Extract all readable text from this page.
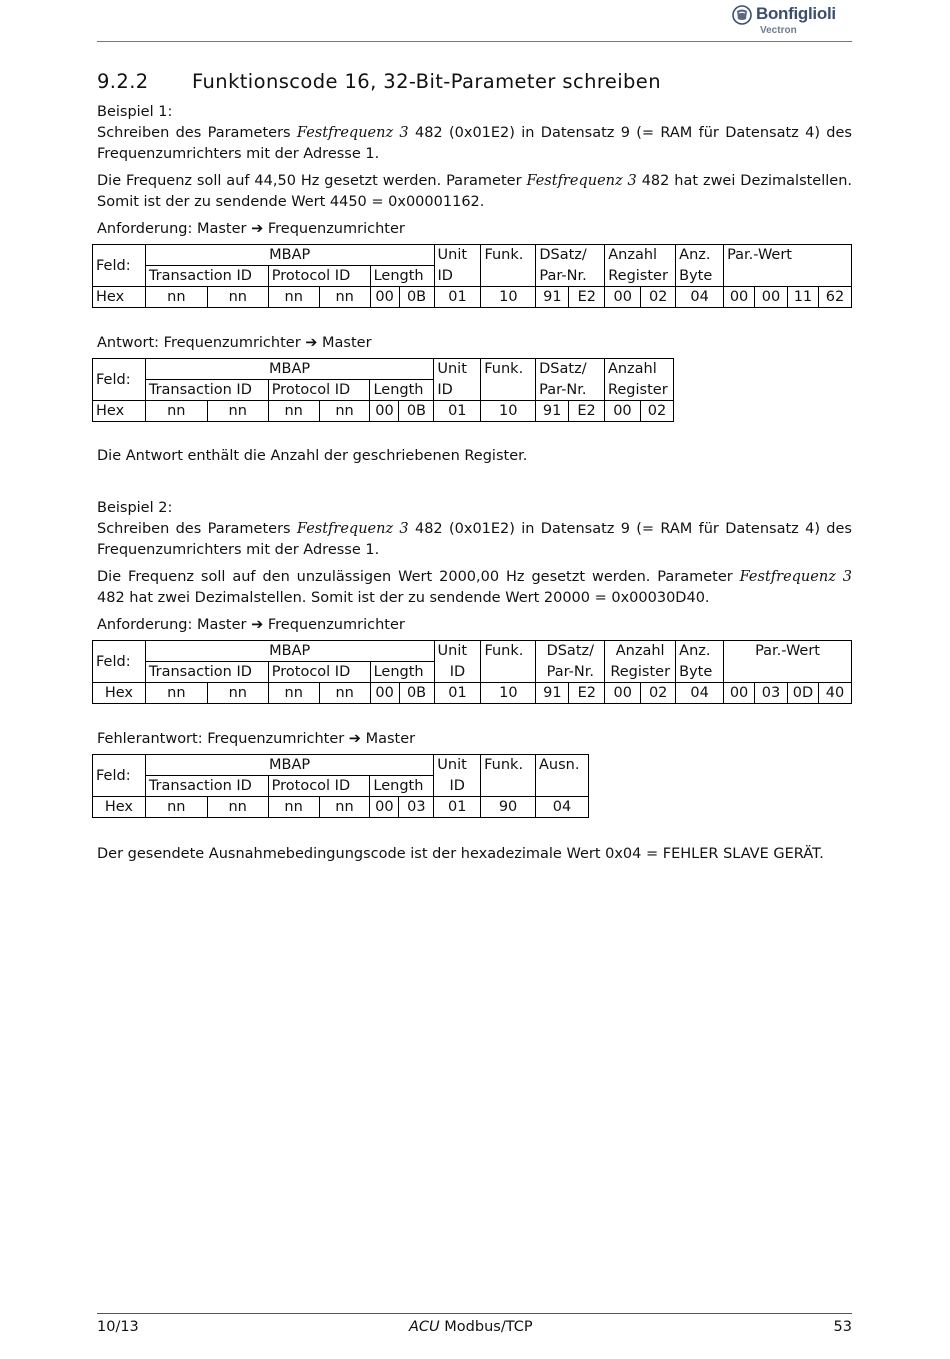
Bonfiglioli
Vectron
9.2.2	Funktionscode 16, 32-Bit-Parameter schreiben

Beispiel 1:

Schreiben des Parameters Festfrequenz 3 482 (0x01E2) in Datensatz 9 (= RAM für Datensatz 4) des Frequenzumrichters mit der Adresse 1.

Die Frequenz soll auf 44,50 Hz gesetzt werden. Parameter Festfrequenz 3 482 hat zwei Dezimalstellen. Somit ist der zu sendende Wert 4450 = 0x00001162.

Anforderung: Master ➔ Frequenzumrichter

Feld:	MBAP						Unit	Funk.	DSatz/		Anzahl		Anz.	Par.-Wert			
	Transaction ID		Protocol ID		Length		ID		Par-Nr.		Register		Byte				
Hex	nn	nn	nn	nn	00	0B	01	10	91	E2	00	02	04	00	00	11	62

Antwort: Frequenzumrichter ➔ Master

Feld:	MBAP						Unit	Funk.	DSatz/		Anzahl	
	Transaction ID		Protocol ID		Length		ID		Par-Nr.		Register	
Hex	nn	nn	nn	nn	00	0B	01	10	91	E2	00	02

Die Antwort enthält die Anzahl der geschriebenen Register.

Beispiel 2:

Schreiben des Parameters Festfrequenz 3 482 (0x01E2) in Datensatz 9 (= RAM für Datensatz 4) des Frequenzumrichters mit der Adresse 1.

Die Frequenz soll auf den unzulässigen Wert 2000,00 Hz gesetzt werden. Parameter Festfrequenz 3 482 hat zwei Dezimalstellen. Somit ist der zu sendende Wert 20000 = 0x00030D40.

Anforderung: Master ➔ Frequenzumrichter

Feld:	MBAP						Unit	Funk.	DSatz/		Anzahl		Anz.	Par.-Wert			
	Transaction ID		Protocol ID		Length		ID		Par-Nr.		Register		Byte				
Hex	nn	nn	nn	nn	00	0B	01	10	91	E2	00	02	04	00	03	0D	40

Fehlerantwort: Frequenzumrichter ➔ Master

Feld:	MBAP						Unit	Funk.	Ausn.
	Transaction ID		Protocol ID		Length		ID		
Hex	nn	nn	nn	nn	00	03	01	90	04

Der gesendete Ausnahmebedingungscode ist der hexadezimale Wert 0x04 = FEHLER SLAVE GERÄT.

10/13	ACU Modbus/TCP	53
